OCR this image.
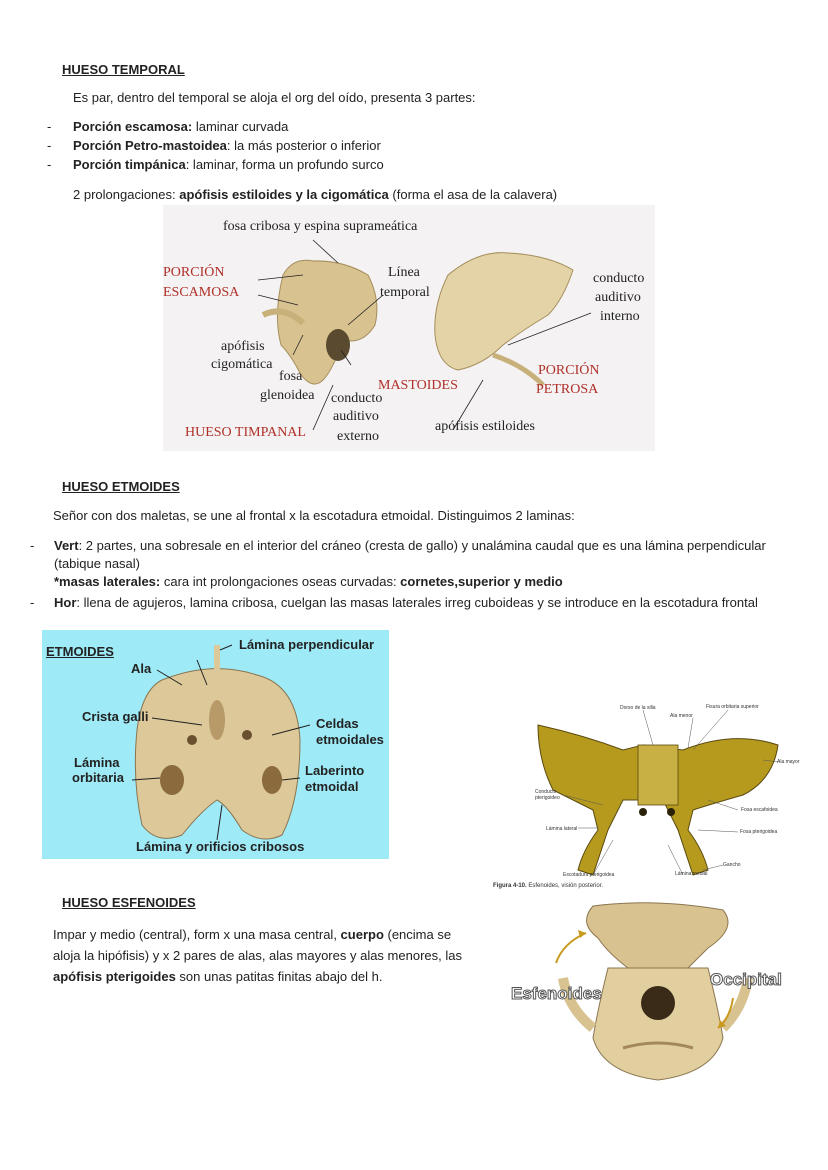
HUESO TEMPORAL
Es par, dentro del temporal se aloja el org del oído, presenta 3 partes:
- Porción escamosa: laminar curvada
- Porción Petro-mastoidea: la más posterior o inferior
- Porción timpánica: laminar, forma un profundo surco
2 prolongaciones: apófisis estiloides y la cigomática (forma el asa de la calavera)
fosa cribosa y espina suprameática
PORCIÓN
ESCAMOSA
Línea
temporal
conducto
auditivo
interno
apófisis
cigomática
fosa
glenoidea conducto
auditivo
externo
MASTOIDES
PORCIÓN
PETROSA
HUESO TIMPANAL	apófisis estiloides
HUESO ETMOIDES
Señor con dos maletas, se une al frontal x la escotadura etmoidal. Distinguimos 2 laminas:
- Vert: 2 partes, una sobresale en el interior del cráneo (cresta de gallo) y unalámina caudal que es una lámina perpendicular
(tabique nasal)
*masas laterales: cara int prolongaciones oseas curvadas: cornetes,superior y medio
- Hor: llena de agujeros, lamina cribosa, cuelgan las masas laterales irreg cuboideas y se introduce en la escotadura frontal
ETMOIDES	Lámina perpendicular
Ala
Crista galli	Celdas
etmoidales
Lámina
orbitaria	Laberinto
etmoidal
Lámina y orificios cribosos
Dorso de la silla	Fisura orbitaria superior
Ala menor
Ala mayor
Conducto
pterigoideo
Fosa escafoidea
Lámina lateral	Fosa pterigoidea
Gancho
Escotadura pterigoidea	Lámina medial
Figura 4-10. Esfenoides, visión posterior.
HUESO ESFENOIDES
Impar y medio (central), form x una masa central, cuerpo (encima se aloja la hipófisis) y x 2 pares de alas, alas mayores y alas menores, las apófisis pterigoides son unas patitas finitas abajo del h.
Esfenoides
Occipital
